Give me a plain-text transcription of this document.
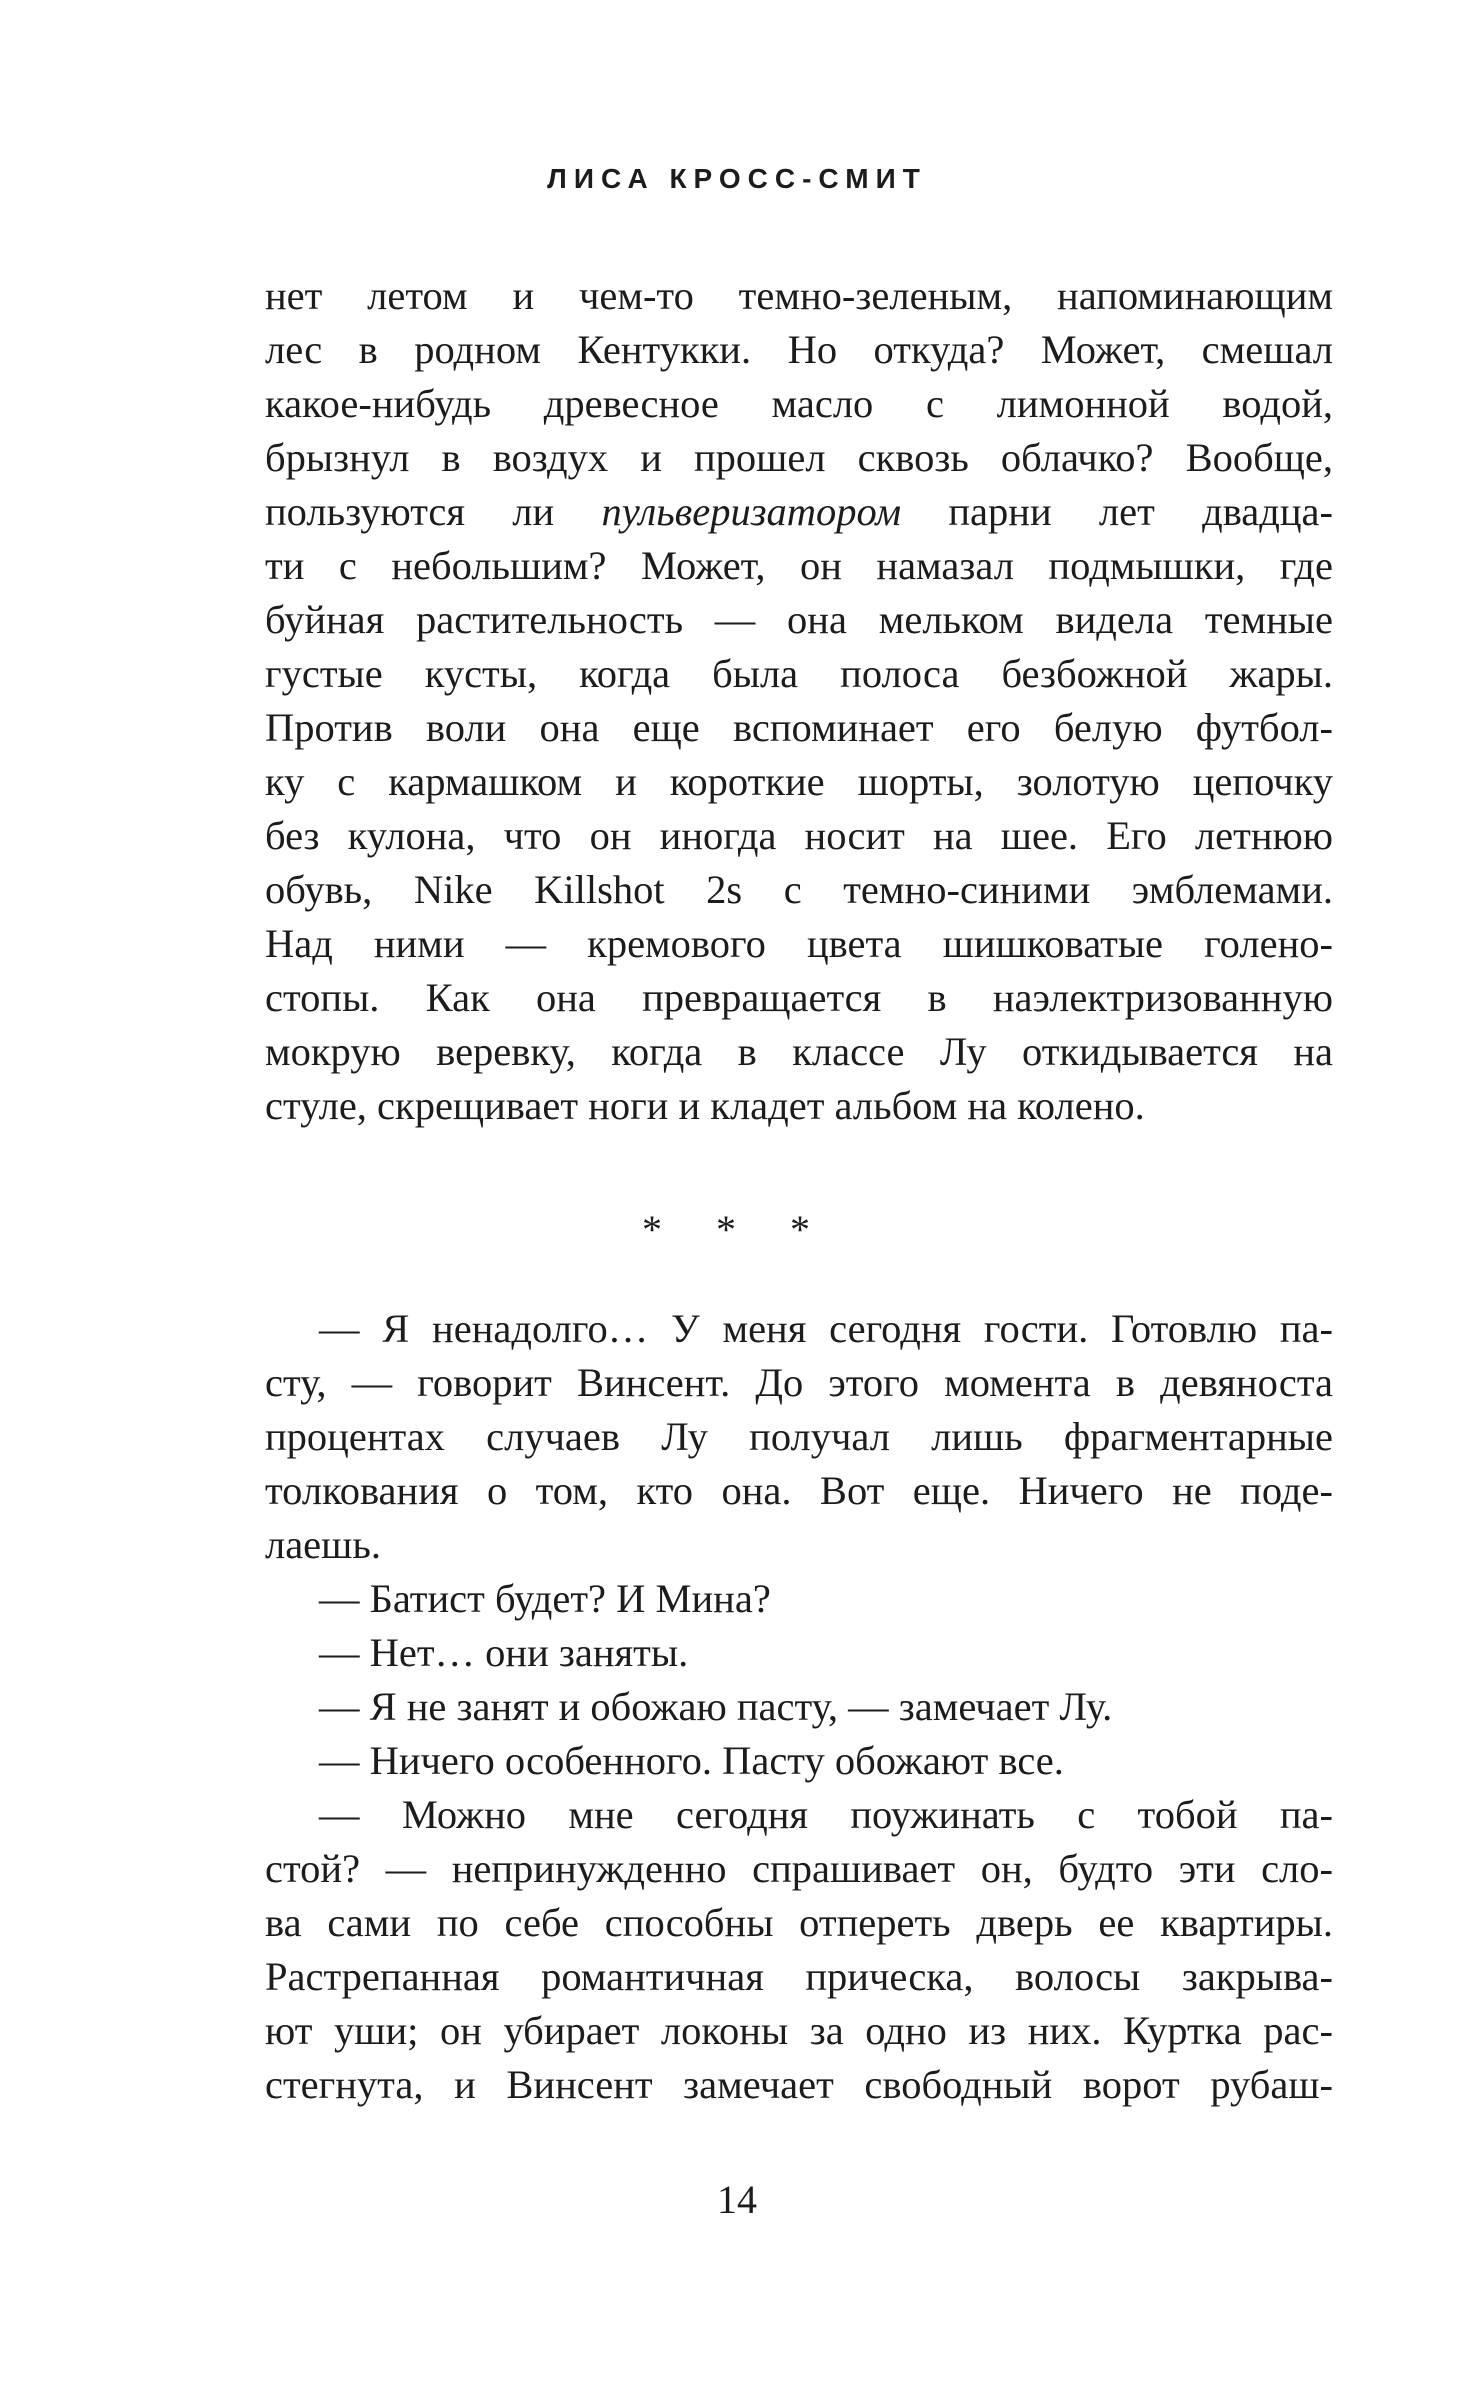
ЛИСА КРОСС-СМИТ
нет летом и чем-то темно-зеленым, напоминающим
лес в родном Кентукки. Но откуда? Может, смешал
какое-нибудь древесное масло с лимонной водой,
брызнул в воздух и прошел сквозь облачко? Вообще,
пользуются ли пульверизатором парни лет двадца-
ти с небольшим? Может, он намазал подмышки, где
буйная растительность — она мельком видела темные
густые кусты, когда была полоса безбожной жары.
Против воли она еще вспоминает его белую футбол-
ку с кармашком и короткие шорты, золотую цепочку
без кулона, что он иногда носит на шее. Его летнюю
обувь, Nike Killshot 2s с темно-синими эмблемами.
Над ними — кремового цвета шишковатые голено-
стопы. Как она превращается в наэлектризованную
мокрую веревку, когда в классе Лу откидывается на
стуле, скрещивает ноги и кладет альбом на колено.
* * *
— Я ненадолго… У меня сегодня гости. Готовлю па-
сту, — говорит Винсент. До этого момента в девяноста
процентах случаев Лу получал лишь фрагментарные
толкования о том, кто она. Вот еще. Ничего не поде-
лаешь.
— Батист будет? И Мина?
— Нет… они заняты.
— Я не занят и обожаю пасту, — замечает Лу.
— Ничего особенного. Пасту обожают все.
— Можно мне сегодня поужинать с тобой па-
стой? — непринужденно спрашивает он, будто эти сло-
ва сами по себе способны отпереть дверь ее квартиры.
Растрепанная романтичная прическа, волосы закрыва-
ют уши; он убирает локоны за одно из них. Куртка рас-
стегнута, и Винсент замечает свободный ворот рубаш-
14
